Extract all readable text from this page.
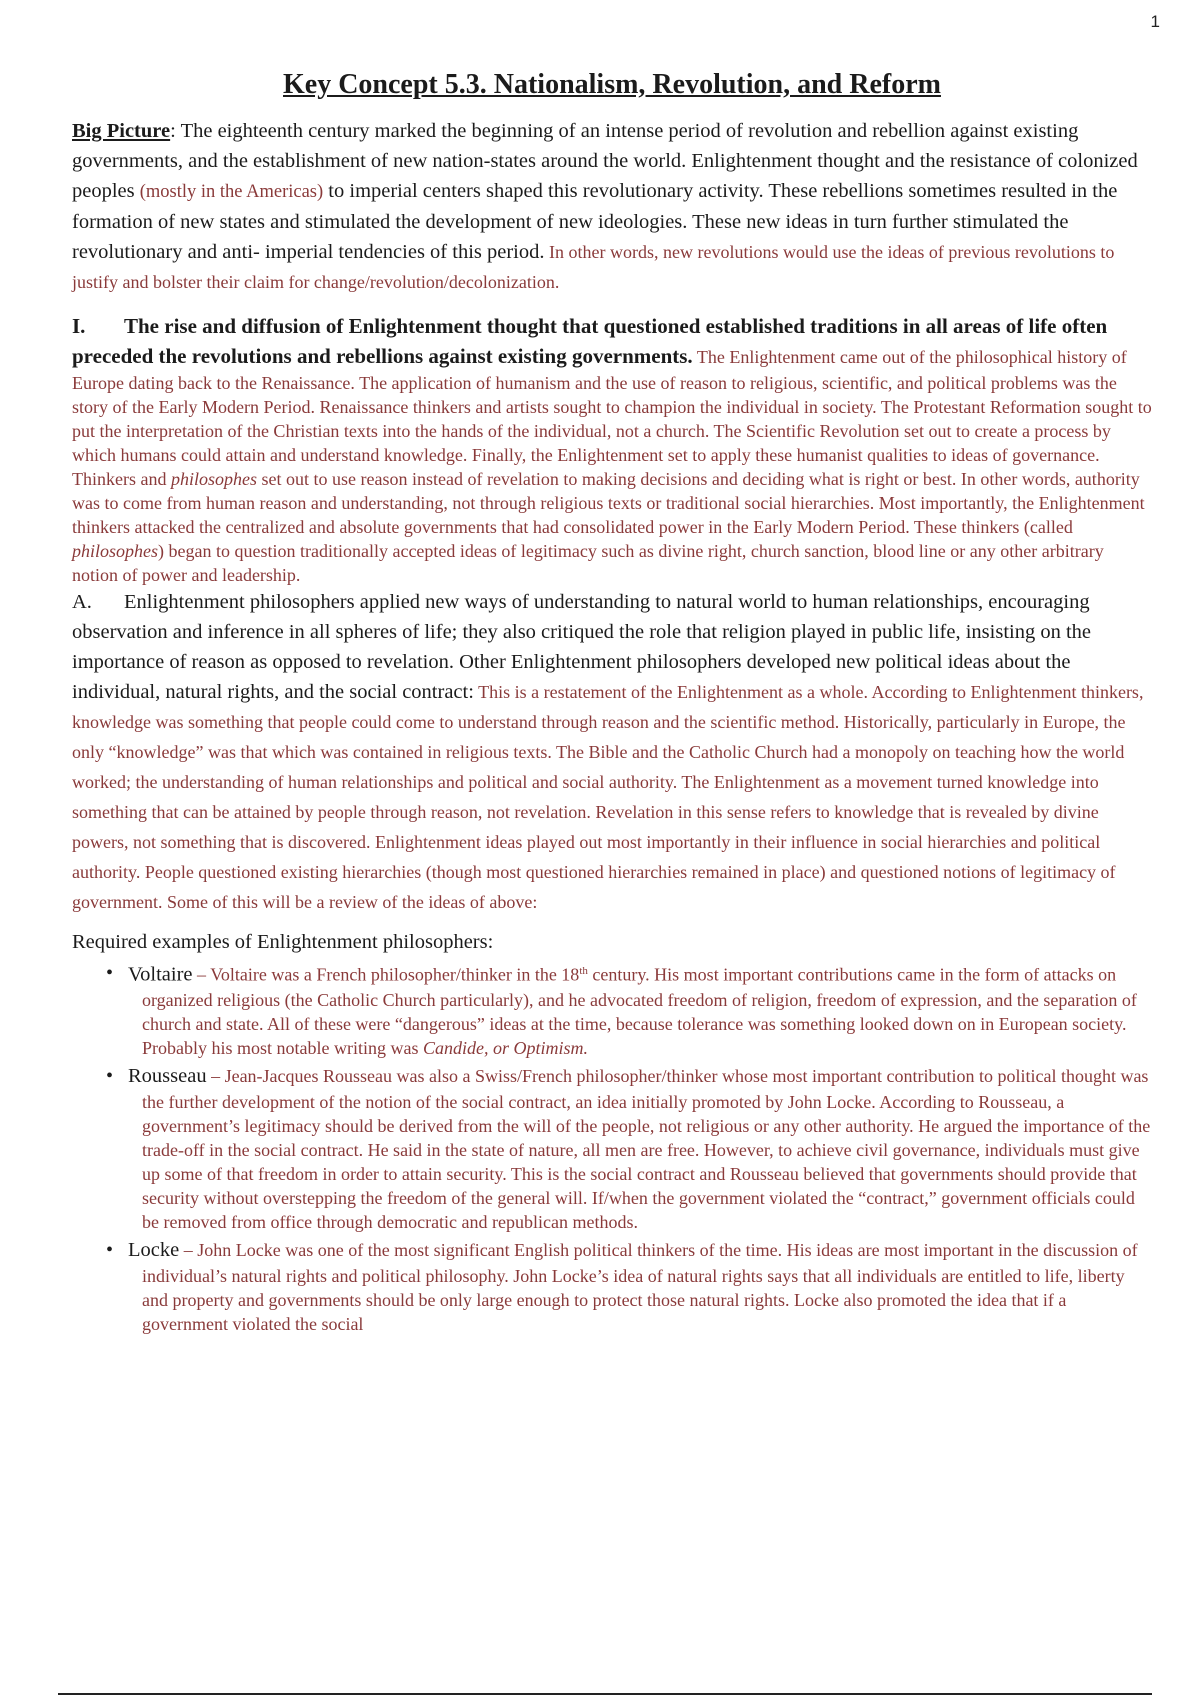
1
Key Concept 5.3. Nationalism, Revolution, and Reform

Big Picture: The eighteenth century marked the beginning of an intense period of revolution and rebellion against existing governments, and the establishment of new nation-states around the world. Enlightenment thought and the resistance of colonized peoples (mostly in the Americas) to imperial centers shaped this revolutionary activity. These rebellions sometimes resulted in the formation of new states and stimulated the development of new ideologies. These new ideas in turn further stimulated the revolutionary and anti- imperial tendencies of this period. In other words, new revolutions would use the ideas of previous revolutions to justify and bolster their claim for change/revolution/decolonization.

I. The rise and diffusion of Enlightenment thought that questioned established traditions in all areas of life often preceded the revolutions and rebellions against existing governments. The Enlightenment came out of the philosophical history of Europe dating back to the Renaissance. The application of humanism and the use of reason to religious, scientific, and political problems was the story of the Early Modern Period. Renaissance thinkers and artists sought to champion the individual in society. The Protestant Reformation sought to put the interpretation of the Christian texts into the hands of the individual, not a church. The Scientific Revolution set out to create a process by which humans could attain and understand knowledge. Finally, the Enlightenment set to apply these humanist qualities to ideas of governance. Thinkers and philosophes set out to use reason instead of revelation to making decisions and deciding what is right or best. In other words, authority was to come from human reason and understanding, not through religious texts or traditional social hierarchies. Most importantly, the Enlightenment thinkers attacked the centralized and absolute governments that had consolidated power in the Early Modern Period. These thinkers (called philosophes) began to question traditionally accepted ideas of legitimacy such as divine right, church sanction, blood line or any other arbitrary notion of power and leadership.

A. Enlightenment philosophers applied new ways of understanding to natural world to human relationships, encouraging observation and inference in all spheres of life; they also critiqued the role that religion played in public life, insisting on the importance of reason as opposed to revelation. Other Enlightenment philosophers developed new political ideas about the individual, natural rights, and the social contract: This is a restatement of the Enlightenment as a whole. According to Enlightenment thinkers, knowledge was something that people could come to understand through reason and the scientific method. Historically, particularly in Europe, the only “knowledge” was that which was contained in religious texts. The Bible and the Catholic Church had a monopoly on teaching how the world worked; the understanding of human relationships and political and social authority. The Enlightenment as a movement turned knowledge into something that can be attained by people through reason, not revelation. Revelation in this sense refers to knowledge that is revealed by divine powers, not something that is discovered. Enlightenment ideas played out most importantly in their influence in social hierarchies and political authority. People questioned existing hierarchies (though most questioned hierarchies remained in place) and questioned notions of legitimacy of government. Some of this will be a review of the ideas of above:

Required examples of Enlightenment philosophers:

• Voltaire – Voltaire was a French philosopher/thinker in the 18th century. His most important contributions came in the form of attacks on organized religious (the Catholic Church particularly), and he advocated freedom of religion, freedom of expression, and the separation of church and state. All of these were “dangerous” ideas at the time, because tolerance was something looked down on in European society. Probably his most notable writing was Candide, or Optimism.
• Rousseau – Jean-Jacques Rousseau was also a Swiss/French philosopher/thinker whose most important contribution to political thought was the further development of the notion of the social contract, an idea initially promoted by John Locke. According to Rousseau, a government’s legitimacy should be derived from the will of the people, not religious or any other authority. He argued the importance of the trade-off in the social contract. He said in the state of nature, all men are free. However, to achieve civil governance, individuals must give up some of that freedom in order to attain security. This is the social contract and Rousseau believed that governments should provide that security without overstepping the freedom of the general will. If/when the government violated the “contract,” government officials could be removed from office through democratic and republican methods.
• Locke – John Locke was one of the most significant English political thinkers of the time. His ideas are most important in the discussion of individual’s natural rights and political philosophy. John Locke’s idea of natural rights says that all individuals are entitled to life, liberty and property and governments should be only large enough to protect those natural rights. Locke also promoted the idea that if a government violated the social
